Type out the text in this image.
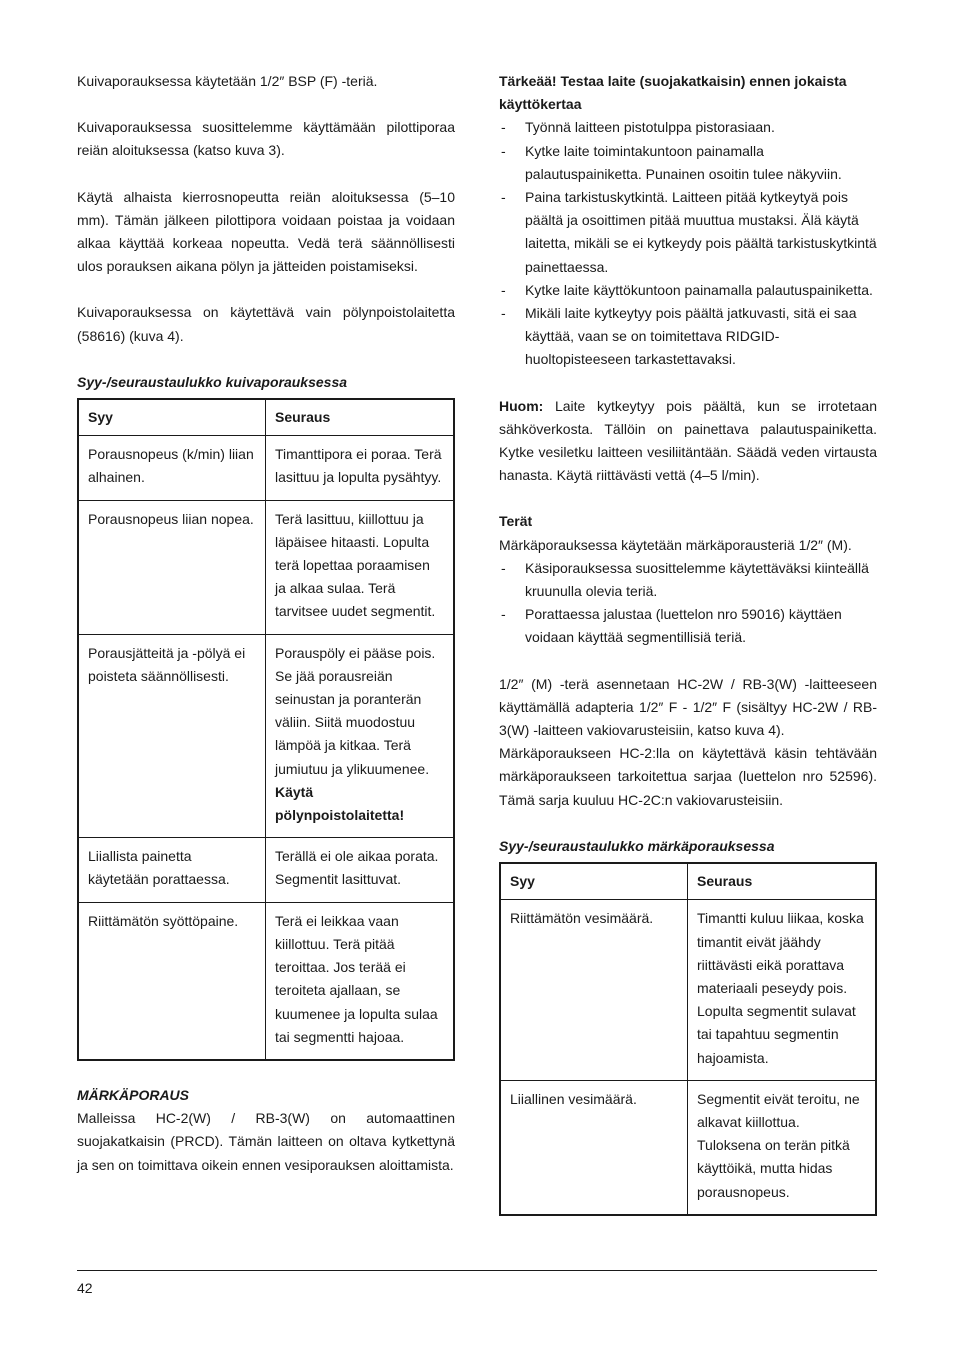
Kuivaporauksessa käytetään 1/2″ BSP (F) -teriä.

Kuivaporauksessa suosittelemme käyttämään pilottiporaa reiän aloituksessa (katso kuva 3).

Käytä alhaista kierrosnopeutta reiän aloituksessa (5–10 mm). Tämän jälkeen pilottipora voidaan poistaa ja voidaan alkaa käyttää korkeaa nopeutta. Vedä terä säännöllisesti ulos porauksen aikana pölyn ja jätteiden poistamiseksi.

Kuivaporauksessa on käytettävä vain pölynpoistolaitetta (58616) (kuva 4).

Syy-/seuraustaulukko kuivaporauksessa

Syy	Seuraus
Porausnopeus (k/min) liian alhainen.	Timanttipora ei poraa. Terä lasittuu ja lopulta pysähtyy.
Porausnopeus liian nopea.	Terä lasittuu, kiillottuu ja läpäisee hitaasti. Lopulta terä lopettaa poraamisen ja alkaa sulaa. Terä tarvitsee uudet segmentit.
Porausjätteitä ja -pölyä ei poisteta säännöllisesti.	Porauspöly ei pääse pois. Se jää porausreiän seinustan ja poranterän väliin. Siitä muodostuu lämpöä ja kitkaa. Terä jumiutuu ja ylikuumenee. Käytä pölynpoistolaitetta!
Liiallista painetta käytetään porattaessa.	Terällä ei ole aikaa porata. Segmentit lasittuvat.
Riittämätön syöttöpaine.	Terä ei leikkaa vaan kiillottuu. Terä pitää teroittaa. Jos terää ei teroiteta ajallaan, se kuumenee ja lopulta sulaa tai segmentti hajoaa.

MÄRKÄPORAUS

Malleissa HC-2(W) / RB-3(W) on automaattinen suojakatkaisin (PRCD). Tämän laitteen on oltava kytkettynä ja sen on toimittava oikein ennen vesiporauksen aloittamista.

Tärkeää! Testaa laite (suojakatkaisin) ennen jokaista käyttökertaa

- Työnnä laitteen pistotulppa pistorasiaan.
- Kytke laite toimintakuntoon painamalla palautuspainiketta. Punainen osoitin tulee näkyviin.
- Paina tarkistuskytkintä. Laitteen pitää kytkeytyä pois päältä ja osoittimen pitää muuttua mustaksi. Älä käytä laitetta, mikäli se ei kytkeydy pois päältä tarkistuskytkintä painettaessa.
- Kytke laite käyttökuntoon painamalla palautuspainiketta.
- Mikäli laite kytkeytyy pois päältä jatkuvasti, sitä ei saa käyttää, vaan se on toimitettava RIDGID-huoltopisteeseen tarkastettavaksi.

Huom: Laite kytkeytyy pois päältä, kun se irrotetaan sähköverkosta. Tällöin on painettava palautuspainiketta. Kytke vesiletku laitteen vesiliitäntään. Säädä veden virtausta hanasta. Käytä riittävästi vettä (4–5 l/min).

Terät

Märkäporauksessa käytetään märkäporausteriä 1/2″ (M).

- Käsiporauksessa suosittelemme käytettäväksi kiinteällä kruunulla olevia teriä.
- Porattaessa jalustaa (luettelon nro 59016) käyttäen voidaan käyttää segmentillisiä teriä.

1/2″ (M) -terä asennetaan HC-2W / RB-3(W) -laitteeseen käyttämällä adapteria 1/2″ F - 1/2″ F (sisältyy HC-2W / RB-3(W) -laitteen vakiovarusteisiin, katso kuva 4).

Märkäporaukseen HC-2:lla on käytettävä käsin tehtävään märkäporaukseen tarkoitettua sarjaa (luettelon nro 52596). Tämä sarja kuuluu HC-2C:n vakiovarusteisiin.

Syy-/seuraustaulukko märkäporauksessa

Syy	Seuraus
Riittämätön vesimäärä.	Timantti kuluu liikaa, koska timantit eivät jäähdy riittävästi eikä porattava materiaali peseydy pois. Lopulta segmentit sulavat tai tapahtuu segmentin hajoamista.
Liiallinen vesimäärä.	Segmentit eivät teroitu, ne alkavat kiillottua. Tuloksena on terän pitkä käyttöikä, mutta hidas porausnopeus.
42
